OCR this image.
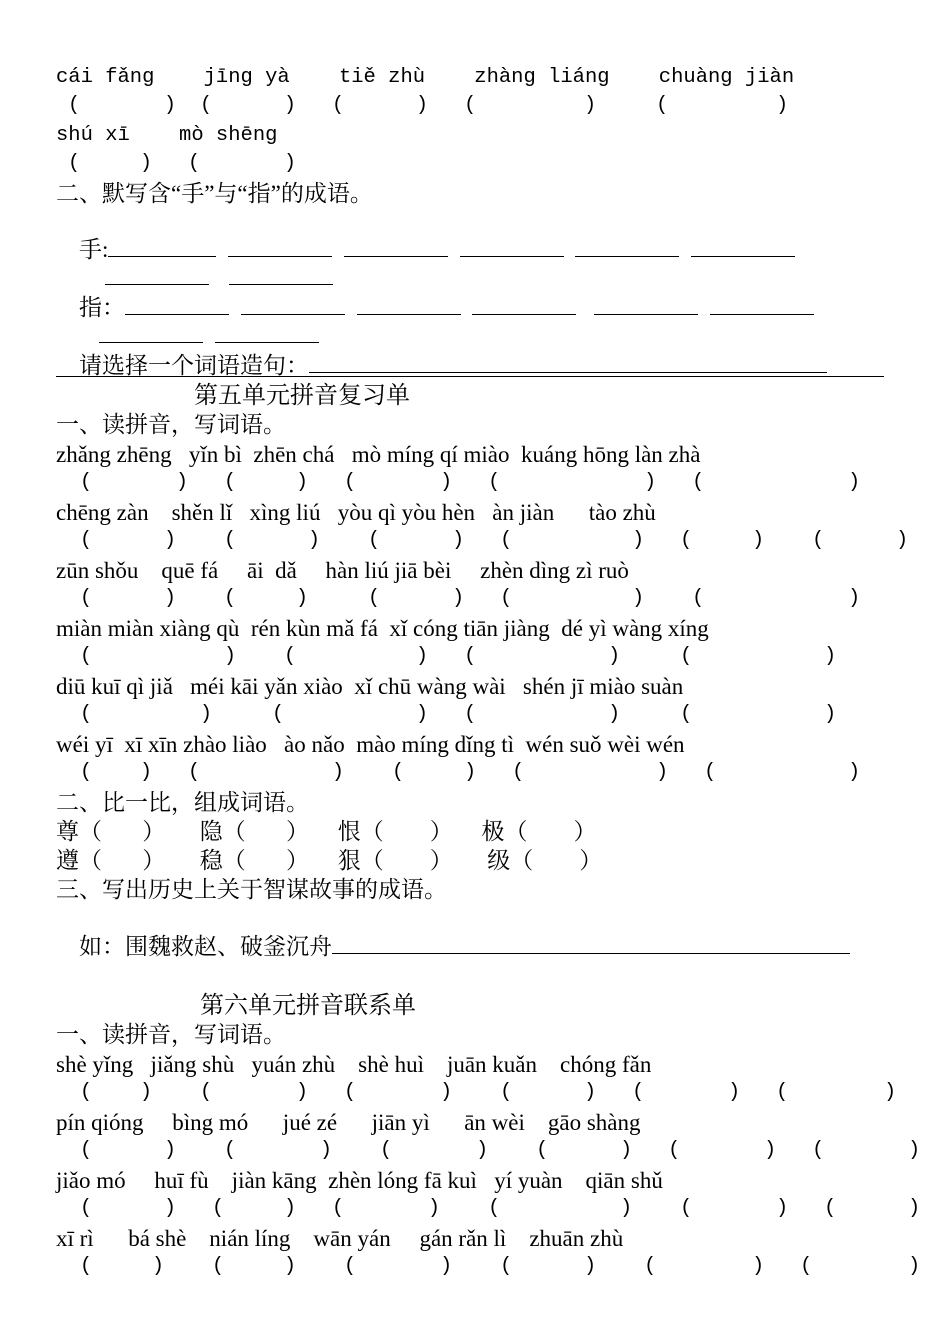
cái fǎng    jīng yà    tiě zhù    zhàng liáng    chuàng jiàn
(       )  (      )   (      )   (         )     (         )
shú xī    mò shēng
(     )   (       )
二、默写含“手”与“指”的成语。

手:

指：

请选择一个词语造句：

第五单元拼音复习单
一、读拼音，写词语。
zhǎng zhēng   yǐn bì  zhēn chá   mò míng qí miào  kuáng hōng làn zhà
(       )   (     )   (       )   (            )   (            )
chēng zàn    shěn lǐ   xìng liú   yòu qì yòu hèn   àn jiàn      tào zhù
(      )    (      )    (      )   (          )   (     )    (      )
zūn shǒu    quē fá     āi  dǎ     hàn liú jiā bèi     zhèn dìng zì ruò
(      )    (     )     (      )   (          )    (            )
miàn miàn xiàng qù  rén kùn mǎ fá  xǐ cóng tiān jiàng  dé yì wàng xíng
(           )    (          )   (           )     (           )
diū kuī qì jiǎ   méi kāi yǎn xiào  xǐ chū wàng wài   shén jī miào suàn
(         )     (           )   (           )     (           )
wéi yī  xī xīn zhào liào   ào nǎo  mào míng dǐng tì  wén suǒ wèi wén
(    )   (           )    (     )   (           )   (           )
二、比一比，组成词语。
尊（       ）      隐（       ）     恨（        ）     极（        ）
遵（       ）      稳（       ）     狠（        ）      级（        ）
三、写出历史上关于智谋故事的成语。

如：围魏救赵、破釜沉舟

第六单元拼音联系单
一、读拼音，写词语。
shè yǐng   jiǎng shù   yuán zhù    shè huì    juān kuǎn    chóng fǎn
(    )    (       )   (       )    (      )   (       )   (        )
pín qióng     bìng mó      jué zé      jiān yì      ān wèi    gāo shàng
(      )    (       )    (       )    (      )   (       )   (       )
jiǎo mó     huī fù    jiàn kāng  zhèn lóng fā kuì   yí yuàn    qiān shǔ
(      )   (     )   (       )    (          )    (       )   (      )
xī rì      bá shè    nián líng    wān yán     gán rǎn lì    zhuān zhù
(     )    (     )    (       )    (      )    (        )   (        )
